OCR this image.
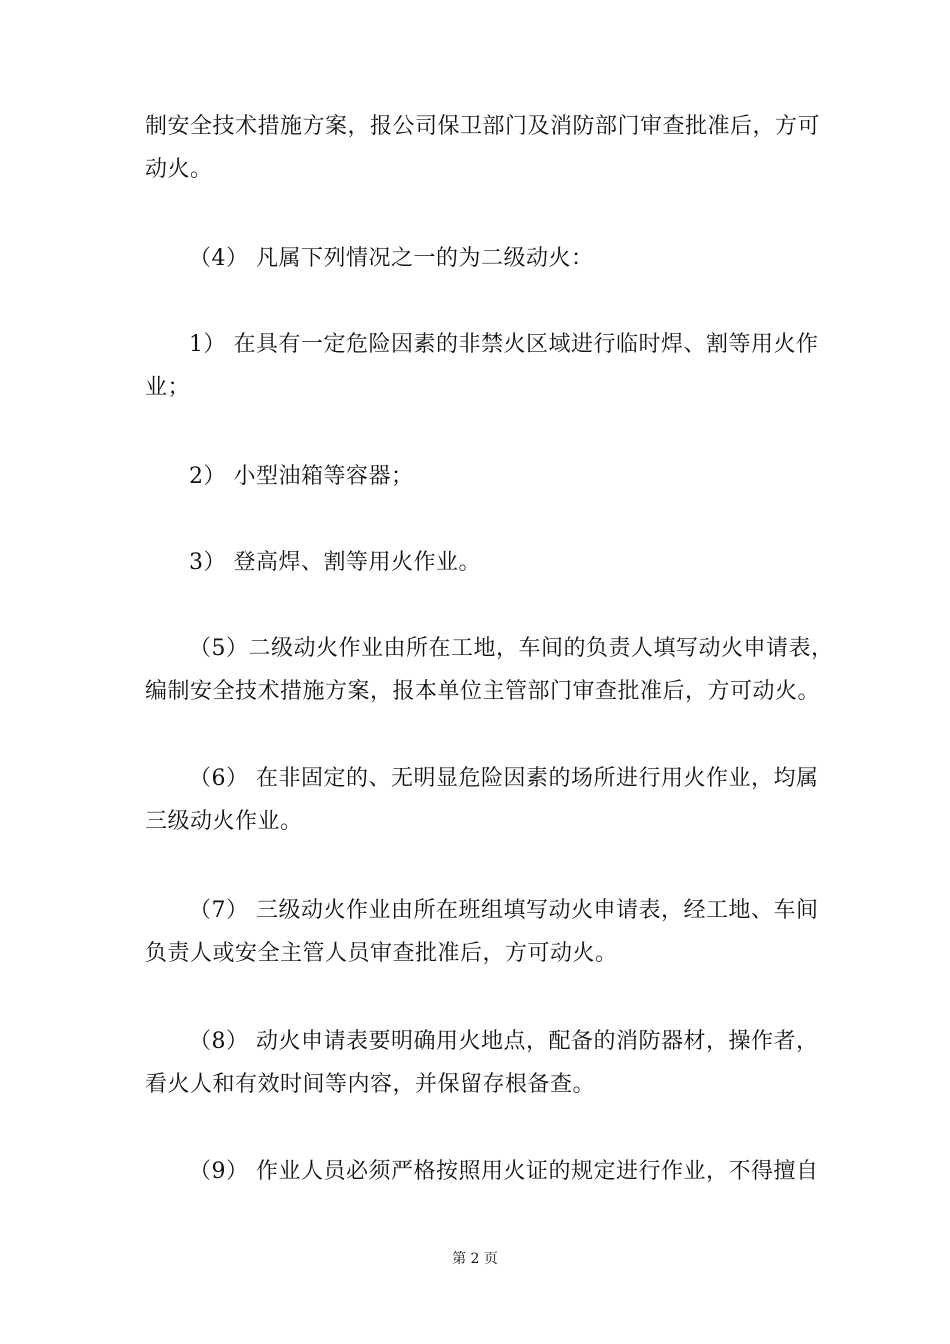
制安全技术措施方案，报公司保卫部门及消防部门审查批准后，方可
动火。

（4） 凡属下列情况之一的为二级动火：

1） 在具有一定危险因素的非禁火区域进行临时焊、割等用火作
业；

2） 小型油箱等容器；

3） 登高焊、割等用火作业。

（5）二级动火作业由所在工地，车间的负责人填写动火申请表，
编制安全技术措施方案，报本单位主管部门审查批准后，方可动火。

（6） 在非固定的、无明显危险因素的场所进行用火作业，均属
三级动火作业。

（7） 三级动火作业由所在班组填写动火申请表，经工地、车间
负责人或安全主管人员审查批准后，方可动火。

（8） 动火申请表要明确用火地点，配备的消防器材，操作者，
看火人和有效时间等内容，并保留存根备查。

（9） 作业人员必须严格按照用火证的规定进行作业，不得擅自

第 2 页
